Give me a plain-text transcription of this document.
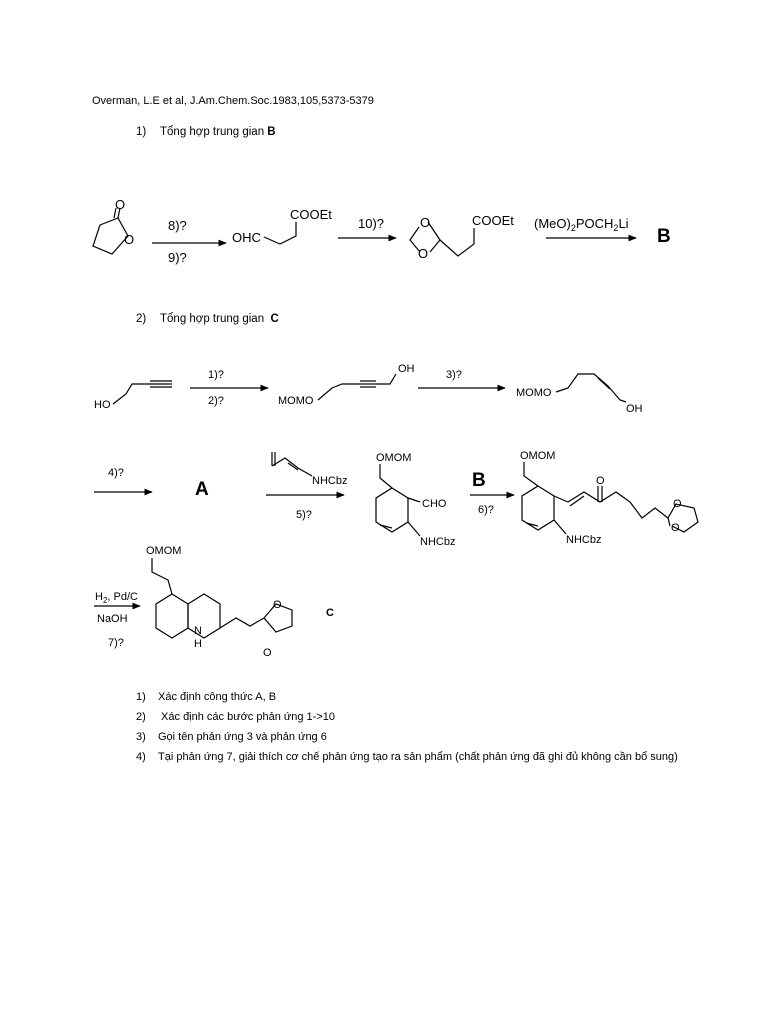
Overman, L.E et al, J.Am.Chem.Soc.1983,105,5373-5379
1) Tổng hợp trung gian B
2) Tổng hợp trung gian C
O
O
8)?
9)?
OHC
COOEt
10)?	O
O
COOEt $(MeO)_2POCH_2Li$
B
HO
1)?
2)?	MOMO
OH	3)?
MOMO
OH
4)?
A	NHCbz
5)?
OMOM
CHO
NHCbz
B
6)?
OMOM
O
NHCbz
O
O
$H_2$, Pd/C
NaOH
7)?
OMOM
N
H
O
O
C
1)	Xác định công thức A, B
2)	Xác định các bước phản ứng 1->10
3)	Gọi tên phản ứng 3 và phản ứng 6
4)	Tại phản ứng 7, giải thích cơ chế phản ứng tạo ra sản phẩm (chất phản ứng đã ghi đủ không cần bổ sung)
